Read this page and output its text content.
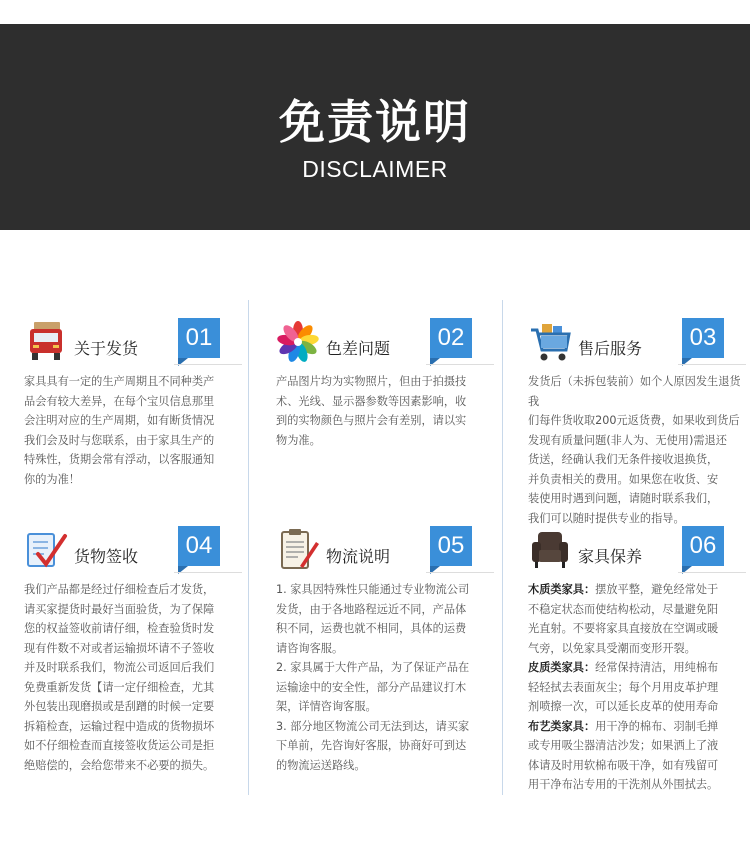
免责说明
DISCLAIMER
关于发货	01

家具具有一定的生产周期且不同种类产

品会有较大差异，在每个宝贝信息那里

会注明对应的生产周期，如有断货情况

我们会及时与您联系，由于家具生产的

特殊性，货期会常有浮动，以客服通知

你的为准！

色差问题	02

产品图片均为实物照片，但由于拍摄技

术、光线、显示器参数等因素影响，收

到的实物颜色与照片会有差别，请以实

物为准。

售后服务	03

发货后（未拆包装前）如个人原因发生退货我

们每件货收取200元返货费，如果收到货后

发现有质量问题(非人为、无使用)需退还

货送，经确认我们无条件接收退换货，

并负责相关的费用。如果您在收货、安

装使用时遇到问题，请随时联系我们，

我们可以随时提供专业的指导。

货物签收	04

我们产品都是经过仔细检查后才发货，

请买家提货时最好当面验货，为了保障

您的权益签收前请仔细，检查验货时发

现有件数不对或者运输损坏请不子签收

并及时联系我们，物流公司返回后我们

免费重新发货【请一定仔细检查，尤其

外包装出现磨损或是刮蹭的时候一定要

拆箱检查，运输过程中造成的货物损坏

如不仔细检查而直接签收货运公司是拒

绝赔偿的，会给您带来不必要的损失。

物流说明	05

1. 家具因特殊性只能通过专业物流公司

发货，由于各地路程远近不同，产品体

积不同，运费也就不相同，具体的运费

请咨询客服。

2. 家具属于大件产品，为了保证产品在

运输途中的安全性，部分产品建议打木

架，详情咨询客服。

3. 部分地区物流公司无法到达，请买家

下单前，先咨询好客服，协商好可到达

的物流运送路线。

家具保养	06

木质类家具：摆放平整，避免经常处于

不稳定状态而使结构松动，尽量避免阳

光直射。不要将家具直接放在空调或暖

气旁，以免家具受潮而变形开裂。

皮质类家具：经常保持清洁，用纯棉布

轻轻拭去表面灰尘；每个月用皮革护理

剂喷擦一次，可以延长皮革的使用寿命

布艺类家具：用干净的棉布、羽制毛掸

或专用吸尘器清洁沙发；如果洒上了液

体请及时用软棉布吸干净，如有残留可

用干净布沾专用的干洗剂从外围拭去。
